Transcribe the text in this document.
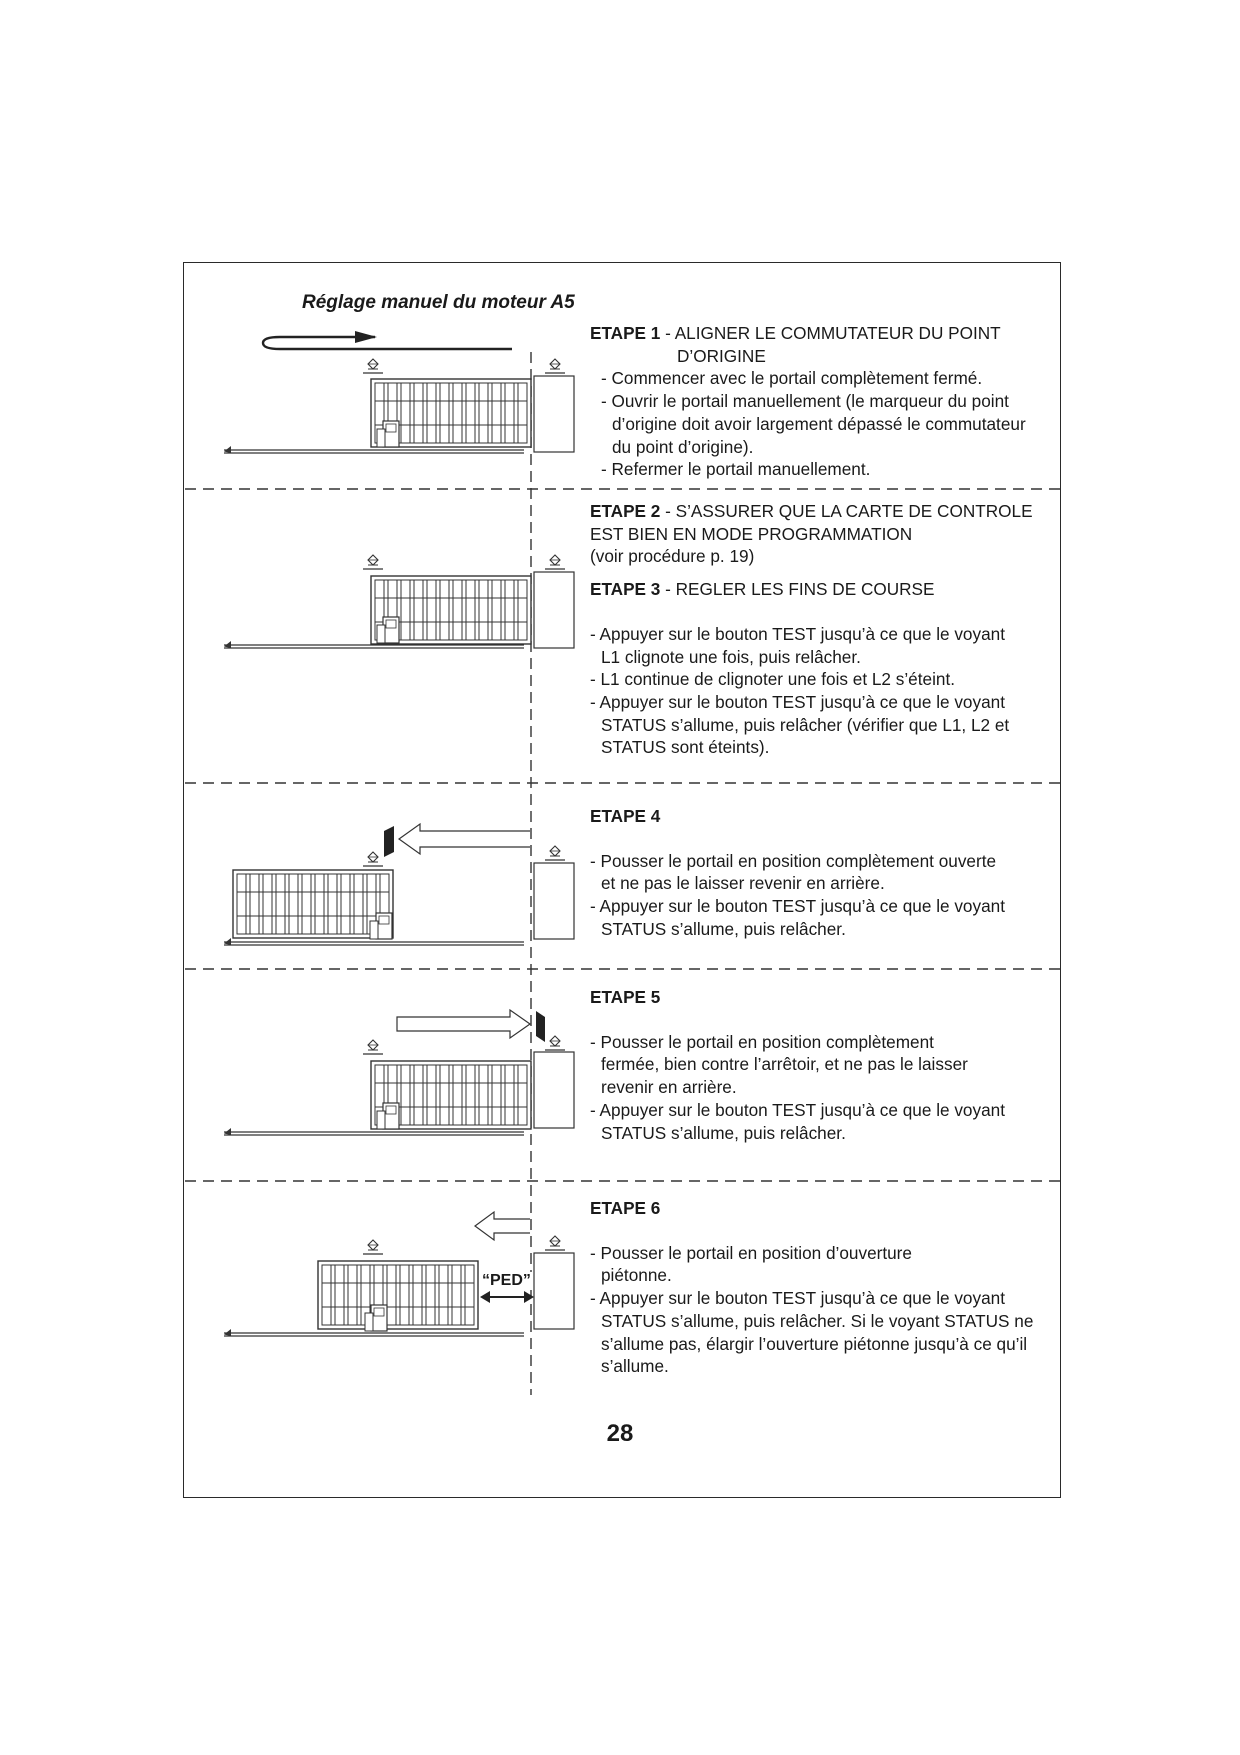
Réglage manuel du moteur A5
“PED”

ETAPE 1 - ALIGNER LE COMMUTATEUR DU POINT

D’ORIGINE

- Commencer avec le portail complètement fermé.

- Ouvrir le portail manuellement (le marqueur du point d’origine doit avoir largement dépassé le commutateur du point d’origine).

- Refermer le portail manuellement.

ETAPE 2 - S’ASSURER QUE LA CARTE DE CONTROLE EST BIEN EN MODE PROGRAMMATION

(voir procédure p. 19)

ETAPE 3 - REGLER LES FINS DE COURSE

- Appuyer sur le bouton TEST jusqu’à ce que le voyant L1 clignote une fois, puis relâcher.

- L1 continue de clignoter une fois et L2 s’éteint.

- Appuyer sur le bouton TEST jusqu’à ce que le voyant STATUS s’allume, puis relâcher (vérifier que L1, L2 et STATUS sont éteints).

ETAPE 4

- Pousser le portail en position complètement ouverte et ne pas le laisser revenir en arrière.

- Appuyer sur le bouton TEST jusqu’à ce que le voyant STATUS s’allume, puis relâcher.

ETAPE 5

- Pousser le portail en position complètement fermée, bien contre l’arrêtoir, et ne pas le laisser revenir en arrière.

- Appuyer sur le bouton TEST jusqu’à ce que le voyant STATUS s’allume, puis relâcher.

ETAPE 6

- Pousser le portail en position d’ouverture piétonne.

- Appuyer sur le bouton TEST jusqu’à ce que le voyant STATUS s’allume, puis relâcher. Si le voyant STATUS ne s’allume pas, élargir l’ouverture piétonne jusqu’à ce qu’il s’allume.

28
